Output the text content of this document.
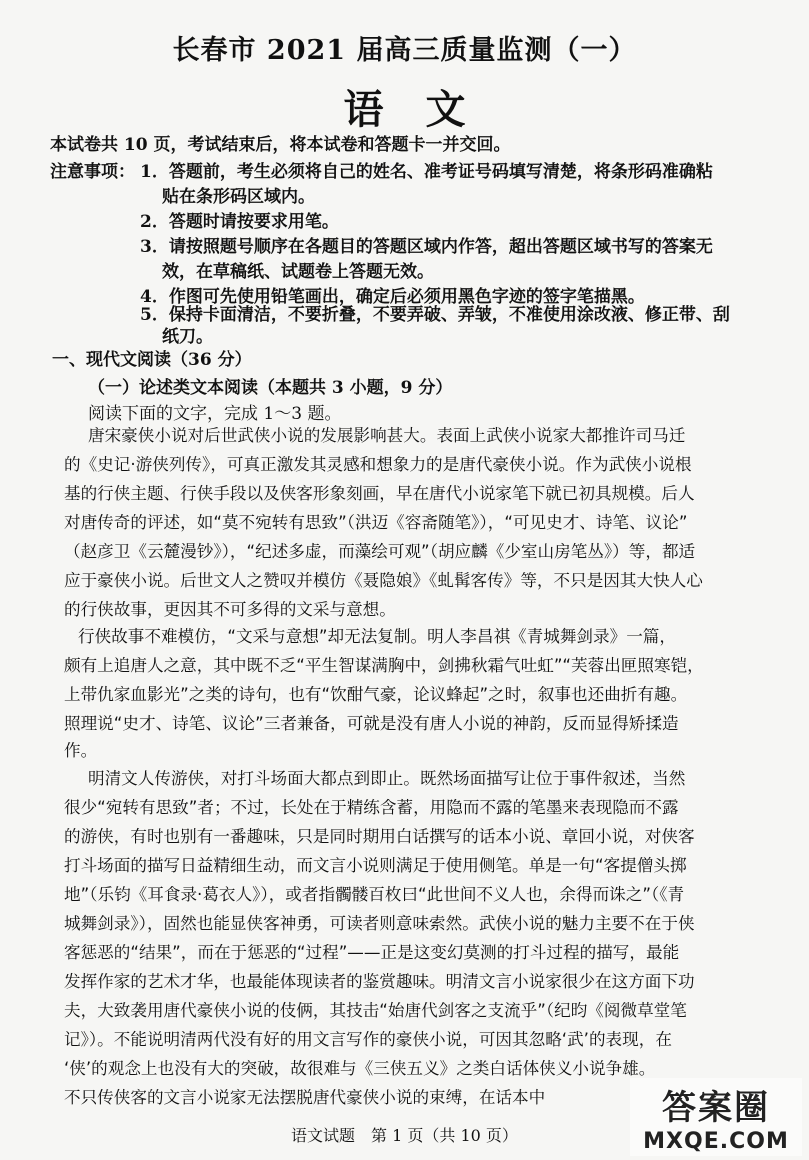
长春市 2021 届高三质量监测（一）
语文
本试卷共 10 页，考试结束后，将本试卷和答题卡一并交回。
注意事项： 1．答题前，考生必须将自己的姓名、准考证号码填写清楚，将条形码准确粘
贴在条形码区域内。
2．答题时请按要求用笔。
3．请按照题号顺序在各题目的答题区域内作答，超出答题区域书写的答案无
效，在草稿纸、试题卷上答题无效。
4．作图可先使用铅笔画出，确定后必须用黑色字迹的签字笔描黑。
5．保持卡面清洁，不要折叠，不要弄破、弄皱，不准使用涂改液、修正带、刮
纸刀。
一、现代文阅读（36 分）
（一）论述类文本阅读（本题共 3 小题，9 分）
阅读下面的文字，完成 1～3 题。
唐宋豪侠小说对后世武侠小说的发展影响甚大。表面上武侠小说家大都推许司马迁
的《史记·游侠列传》，可真正激发其灵感和想象力的是唐代豪侠小说。作为武侠小说根
基的行侠主题、行侠手段以及侠客形象刻画，早在唐代小说家笔下就已初具规模。后人
对唐传奇的评述，如“莫不宛转有思致”（洪迈《容斋随笔》），“可见史才、诗笔、议论”
（赵彦卫《云麓漫钞》），“纪述多虚，而藻绘可观”（胡应麟《少室山房笔丛》）等，都适
应于豪侠小说。后世文人之赞叹并模仿《聂隐娘》《虬髯客传》等，不只是因其大快人心
的行侠故事，更因其不可多得的文采与意想。
行侠故事不难模仿，“文采与意想”却无法复制。明人李昌祺《青城舞剑录》一篇，
颇有上追唐人之意，其中既不乏“平生智谋满胸中，剑拂秋霜气吐虹”“芙蓉出匣照寒铠，
上带仇家血影光”之类的诗句，也有“饮酣气豪，论议蜂起”之时，叙事也还曲折有趣。
照理说“史才、诗笔、议论”三者兼备，可就是没有唐人小说的神韵，反而显得矫揉造
作。
明清文人传游侠，对打斗场面大都点到即止。既然场面描写让位于事件叙述，当然
很少“宛转有思致”者；不过，长处在于精练含蓄，用隐而不露的笔墨来表现隐而不露
的游侠，有时也别有一番趣味，只是同时期用白话撰写的话本小说、章回小说，对侠客
打斗场面的描写日益精细生动，而文言小说则满足于使用侧笔。单是一句“客提僧头掷
地”（乐钧《耳食录·葛衣人》），或者指髑髅百枚曰“此世间不义人也，余得而诛之”（《青
城舞剑录》），固然也能显侠客神勇，可读者则意味索然。武侠小说的魅力主要不在于侠
客惩恶的“结果”，而在于惩恶的“过程”——正是这变幻莫测的打斗过程的描写，最能
发挥作家的艺术才华，也最能体现读者的鉴赏趣味。明清文言小说家很少在这方面下功
夫，大致袭用唐代豪侠小说的伎俩，其技击“始唐代剑客之支流乎”（纪昀《阅微草堂笔
记》）。不能说明清两代没有好的用文言写作的豪侠小说，可因其忽略‘武’的表现，在
‘侠’的观念上也没有大的突破，故很难与《三侠五义》之类白话体侠义小说争雄。
不只传侠客的文言小说家无法摆脱唐代豪侠小说的束缚，在话本中
语文试题　第 1 页（共 10 页）
答案圈
MXQE.COM
